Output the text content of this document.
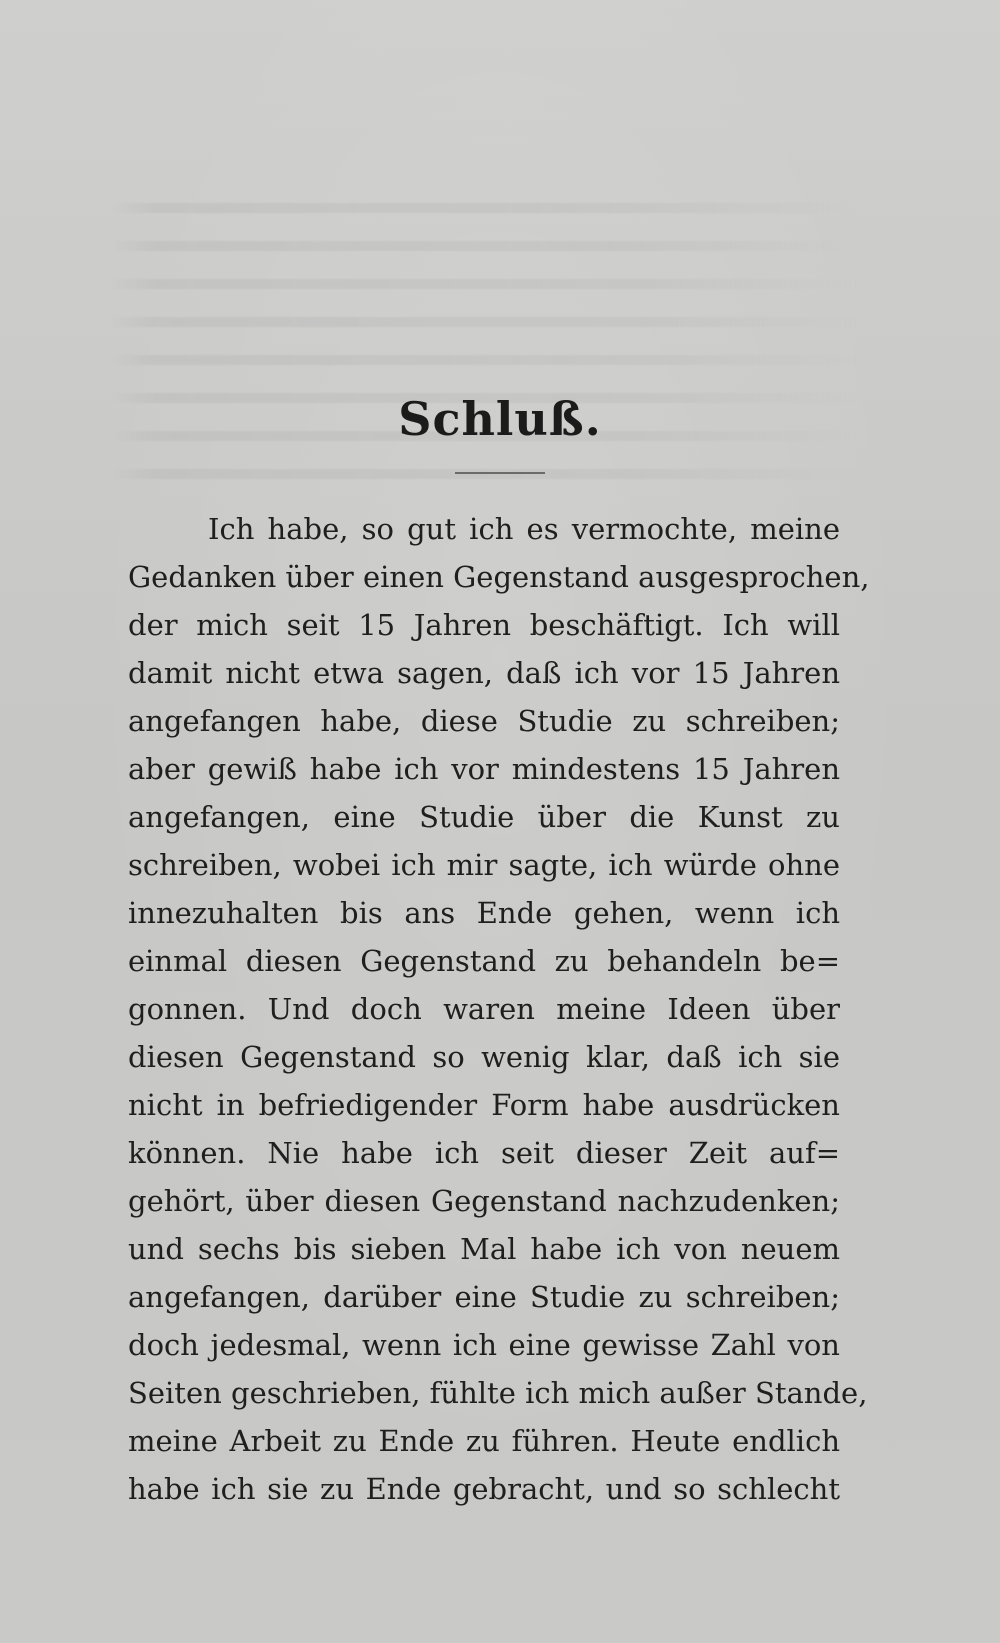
Schluß.
Ich habe, so gut ich es vermochte, meine
Gedanken über einen Gegenstand ausgesprochen,
der mich seit 15 Jahren beschäftigt. Ich will
damit nicht etwa sagen, daß ich vor 15 Jahren
angefangen habe, diese Studie zu schreiben;
aber gewiß habe ich vor mindestens 15 Jahren
angefangen, eine Studie über die Kunst zu
schreiben, wobei ich mir sagte, ich würde ohne
innezuhalten bis ans Ende gehen, wenn ich
einmal diesen Gegenstand zu behandeln be=
gonnen. Und doch waren meine Ideen über
diesen Gegenstand so wenig klar, daß ich sie
nicht in befriedigender Form habe ausdrücken
können. Nie habe ich seit dieser Zeit auf=
gehört, über diesen Gegenstand nachzudenken;
und sechs bis sieben Mal habe ich von neuem
angefangen, darüber eine Studie zu schreiben;
doch jedesmal, wenn ich eine gewisse Zahl von
Seiten geschrieben, fühlte ich mich außer Stande,
meine Arbeit zu Ende zu führen. Heute endlich
habe ich sie zu Ende gebracht, und so schlecht
